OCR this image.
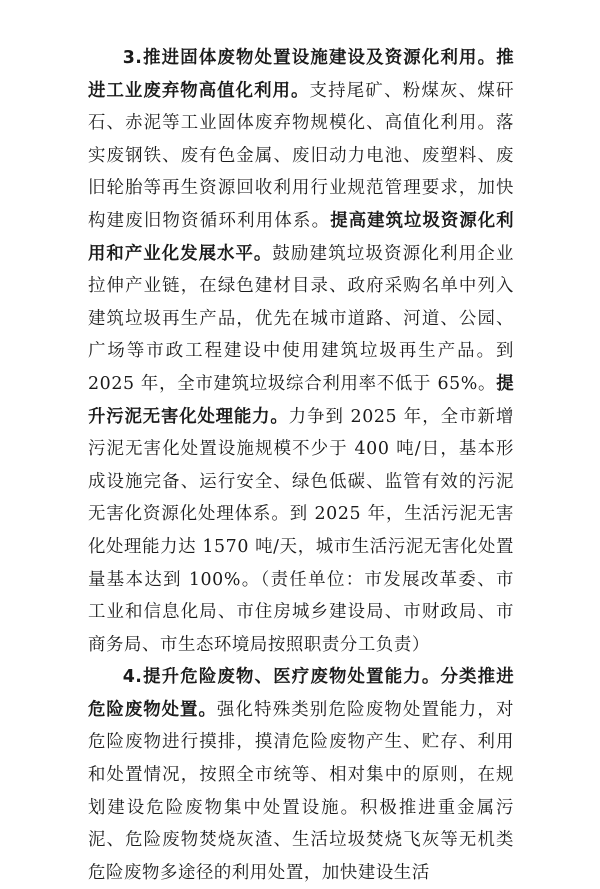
3.推进固体废物处置设施建设及资源化利用。推进工业废弃物高值化利用。支持尾矿、粉煤灰、煤矸石、赤泥等工业固体废弃物规模化、高值化利用。落实废钢铁、废有色金属、废旧动力电池、废塑料、废旧轮胎等再生资源回收利用行业规范管理要求，加快构建废旧物资循环利用体系。提高建筑垃圾资源化利用和产业化发展水平。鼓励建筑垃圾资源化利用企业拉伸产业链，在绿色建材目录、政府采购名单中列入建筑垃圾再生产品，优先在城市道路、河道、公园、广场等市政工程建设中使用建筑垃圾再生产品。到 2025 年，全市建筑垃圾综合利用率不低于 65%。提升污泥无害化处理能力。力争到 2025 年，全市新增污泥无害化处置设施规模不少于 400 吨/日，基本形成设施完备、运行安全、绿色低碳、监管有效的污泥无害化资源化处理体系。到 2025 年，生活污泥无害化处理能力达 1570 吨/天，城市生活污泥无害化处置量基本达到 100%。（责任单位：市发展改革委、市工业和信息化局、市住房城乡建设局、市财政局、市商务局、市生态环境局按照职责分工负责）

4.提升危险废物、医疗废物处置能力。分类推进危险废物处置。强化特殊类别危险废物处置能力，对危险废物进行摸排，摸清危险废物产生、贮存、利用和处置情况，按照全市统等、相对集中的原则，在规划建设危险废物集中处置设施。积极推进重金属污泥、危险废物焚烧灰渣、生活垃圾焚烧飞灰等无机类危险废物多途径的利用处置，加快建设生活
